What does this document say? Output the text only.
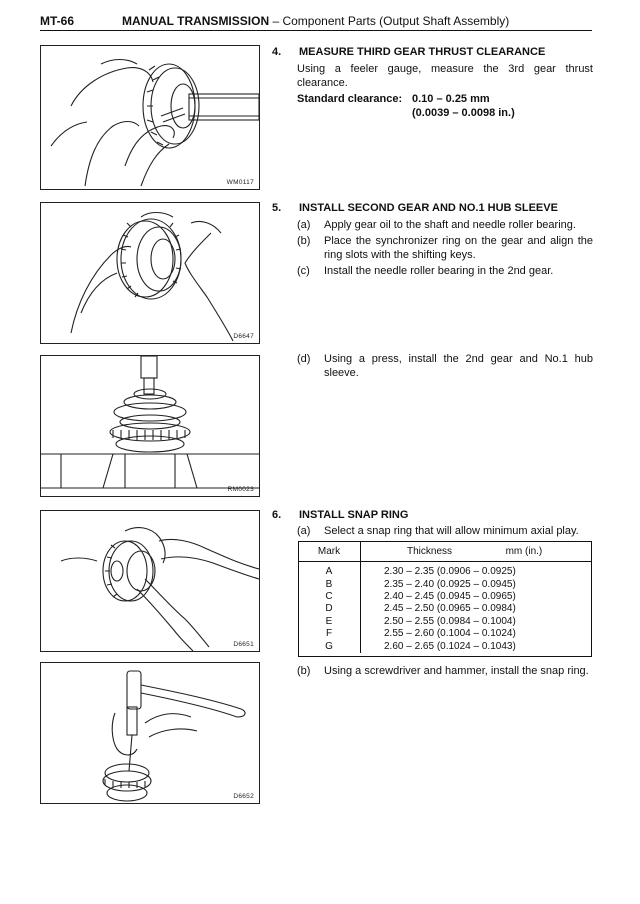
MT-66	MANUAL TRANSMISSION – Component Parts (Output Shaft Assembly)
WM0117
D6647
RM0023
D6651
D6652
4. MEASURE THIRD GEAR THRUST CLEARANCE
Using a feeler gauge, measure the 3rd gear thrust clearance.
Standard clearance: 0.10 – 0.25 mm
(0.0039 – 0.0098 in.)
5. INSTALL SECOND GEAR AND NO.1 HUB SLEEVE
(a) Apply gear oil to the shaft and needle roller bearing.
(b) Place the synchronizer ring on the gear and align the ring slots with the shifting keys.
(c) Install the needle roller bearing in the 2nd gear.
(d) Using a press, install the 2nd gear and No.1 hub sleeve.
6. INSTALL SNAP RING
(a) Select a snap ring that will allow minimum axial play.
Mark	Thickness mm (in.)
A	2.30 – 2.35 (0.0906 – 0.0925)
B	2.35 – 2.40 (0.0925 – 0.0945)
C	2.40 – 2.45 (0.0945 – 0.0965)
D	2.45 – 2.50 (0.0965 – 0.0984)
E	2.50 – 2.55 (0.0984 – 0.1004)
F	2.55 – 2.60 (0.1004 – 0.1024)
G	2.60 – 2.65 (0.1024 – 0.1043)
(b) Using a screwdriver and hammer, install the snap ring.
